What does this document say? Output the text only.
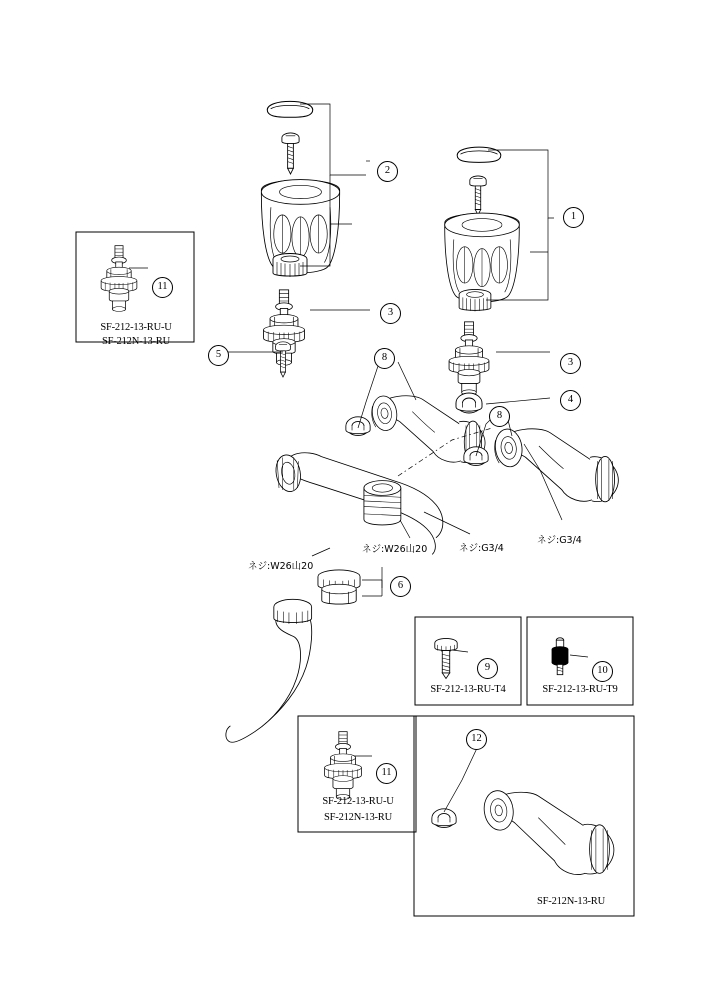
1
2
3
3
4
5
6
8
8
9	10
11
11
12
ネジ:G3/4
ネジ:G3/4
ネジ:W26山20
ネジ:W26山20
SF-212-13-RU-U
SF-212N-13-RU
SF-212-13-RU-T4	SF-212-13-RU-T9
SF-212-13-RU-U
SF-212N-13-RU
SF-212N-13-RU
